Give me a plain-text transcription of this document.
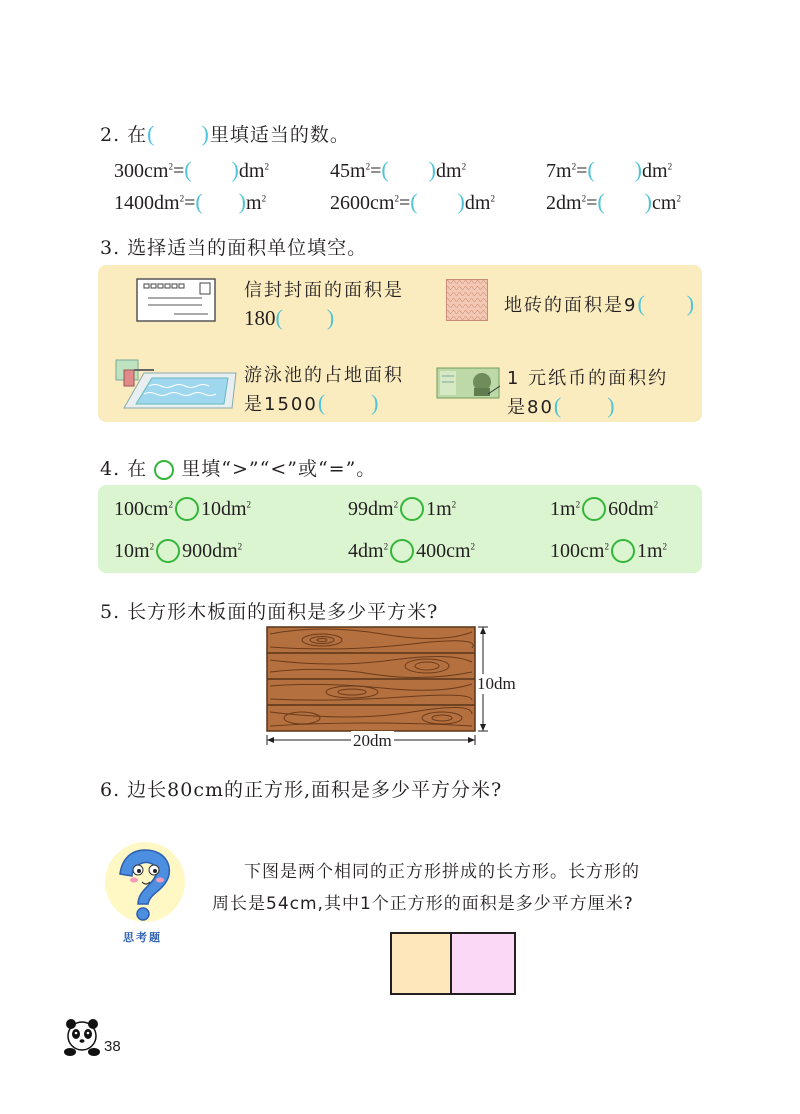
2. 在( )里填适当的数。
$300cm^2=$( )$dm^2$	$45m^2=$( )$dm^2$	$7m^2=$( )$dm^2$
$1400dm^2=$( )$m^2$	$2600cm^2=$( )$dm^2$	$2dm^2=$( )$cm^2$
3. 选择适当的面积单位填空。
信封封面的面积是
180( )	地砖的面积是9( )
游泳池的占地面积
是1500( )
1 元纸币的面积约
是80( )
4. 在 里填“>”“<”或“=”。
$100cm^2$ $10dm^2$	$99dm^2$ $1m^2$	$1m^2$ $60dm^2$
$10m^2$ $900dm^2$	$4dm^2$ $400cm^2$	$100cm^2$ $1m^2$
5. 长方形木板面的面积是多少平方米?
10dm
20dm
6. 边长80cm的正方形,面积是多少平方分米?
思考题
下图是两个相同的正方形拼成的长方形。长方形的
周长是54cm,其中1个正方形的面积是多少平方厘米?
38
